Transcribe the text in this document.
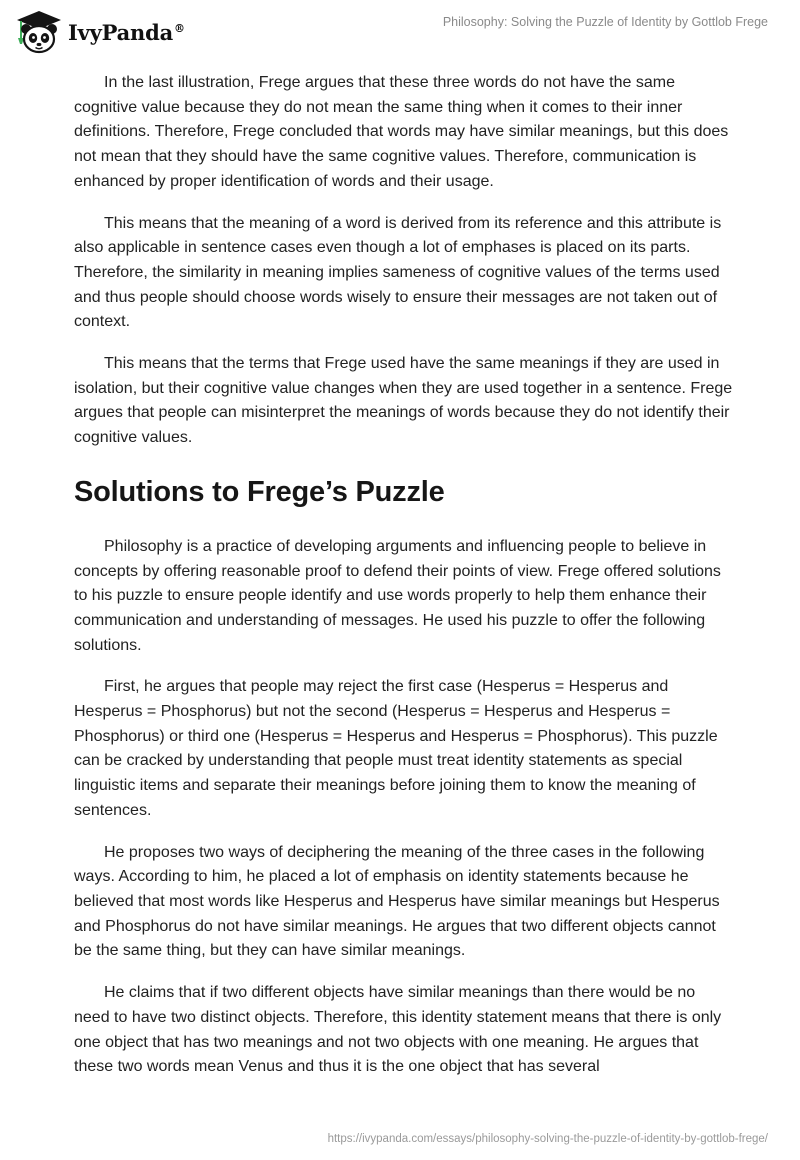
IvyPanda®	Philosophy: Solving the Puzzle of Identity by Gottlob Frege

In the last illustration, Frege argues that these three words do not have the same cognitive value because they do not mean the same thing when it comes to their inner definitions. Therefore, Frege concluded that words may have similar meanings, but this does not mean that they should have the same cognitive values. Therefore, communication is enhanced by proper identification of words and their usage.

This means that the meaning of a word is derived from its reference and this attribute is also applicable in sentence cases even though a lot of emphases is placed on its parts. Therefore, the similarity in meaning implies sameness of cognitive values of the terms used and thus people should choose words wisely to ensure their messages are not taken out of context.

This means that the terms that Frege used have the same meanings if they are used in isolation, but their cognitive value changes when they are used together in a sentence. Frege argues that people can misinterpret the meanings of words because they do not identify their cognitive values.

Solutions to Frege’s Puzzle

Philosophy is a practice of developing arguments and influencing people to believe in concepts by offering reasonable proof to defend their points of view. Frege offered solutions to his puzzle to ensure people identify and use words properly to help them enhance their communication and understanding of messages. He used his puzzle to offer the following solutions.

First, he argues that people may reject the first case (Hesperus = Hesperus and Hesperus = Phosphorus) but not the second (Hesperus = Hesperus and Hesperus = Phosphorus) or third one (Hesperus = Hesperus and Hesperus = Phosphorus). This puzzle can be cracked by understanding that people must treat identity statements as special linguistic items and separate their meanings before joining them to know the meaning of sentences.

He proposes two ways of deciphering the meaning of the three cases in the following ways. According to him, he placed a lot of emphasis on identity statements because he believed that most words like Hesperus and Hesperus have similar meanings but Hesperus and Phosphorus do not have similar meanings. He argues that two different objects cannot be the same thing, but they can have similar meanings.

He claims that if two different objects have similar meanings than there would be no need to have two distinct objects. Therefore, this identity statement means that there is only one object that has two meanings and not two objects with one meaning. He argues that these two words mean Venus and thus it is the one object that has several

https://ivypanda.com/essays/philosophy-solving-the-puzzle-of-identity-by-gottlob-frege/
